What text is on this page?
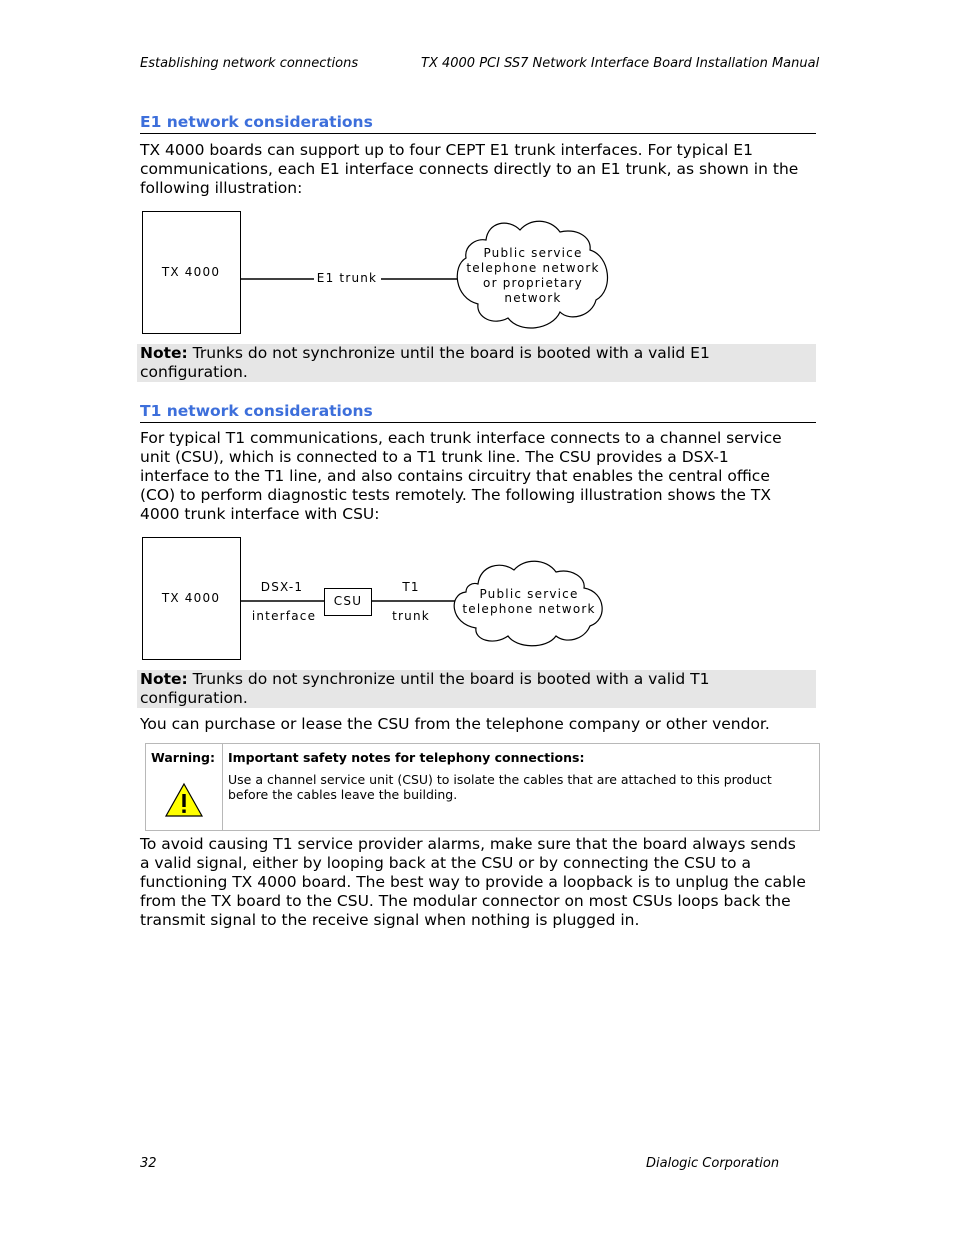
Establishing network connections	TX 4000 PCI SS7 Network Interface Board Installation Manual
E1 network considerations
TX 4000 boards can support up to four CEPT E1 trunk interfaces. For typical E1
communications, each E1 interface connects directly to an E1 trunk, as shown in the
following illustration:
TX 4000	E1 trunk
Public service
telephone network
or proprietary
network
Note: Trunks do not synchronize until the board is booted with a valid E1
configuration.
T1 network considerations
For typical T1 communications, each trunk interface connects to a channel service
unit (CSU), which is connected to a T1 trunk line. The CSU provides a DSX-1
interface to the T1 line, and also contains circuitry that enables the central office
(CO) to perform diagnostic tests remotely. The following illustration shows the TX
4000 trunk interface with CSU:
TX 4000
DSX-1
interface
CSU
T1
trunk
Public service
telephone network
Note: Trunks do not synchronize until the board is booted with a valid T1
configuration.
You can purchase or lease the CSU from the telephone company or other vendor.
Warning: Important safety notes for telephony connections:
Use a channel service unit (CSU) to isolate the cables that are attached to this product
before the cables leave the building.
To avoid causing T1 service provider alarms, make sure that the board always sends
a valid signal, either by looping back at the CSU or by connecting the CSU to a
functioning TX 4000 board. The best way to provide a loopback is to unplug the cable
from the TX board to the CSU. The modular connector on most CSUs loops back the
transmit signal to the receive signal when nothing is plugged in.
32	Dialogic Corporation
